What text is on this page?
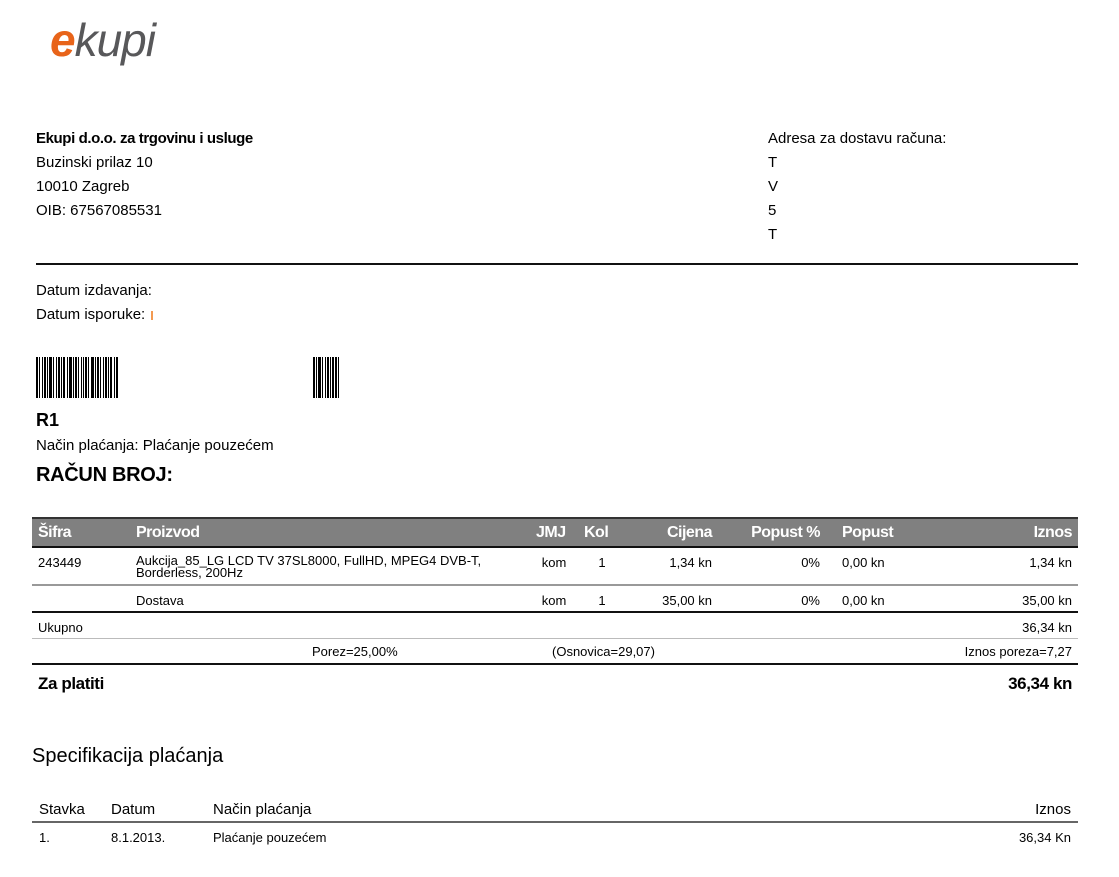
ekupi
Ekupi d.o.o. za trgovinu i usluge
Buzinski prilaz 10
10010 Zagreb
OIB: 67567085531
Adresa za dostavu računa:
T
V
5
T
Datum izdavanja:
Datum isporuke:
R1
Način plaćanja: Plaćanje pouzećem
RAČUN BROJ:
Šifra	Proizvod	JMJ	Kol	Cijena	Popust %	Popust	Iznos
243449	Aukcija_85_LG LCD TV 37SL8000, FullHD, MPEG4 DVB-T, Borderless, 200Hz	kom	1	1,34 kn	0%	0,00 kn	1,34 kn
	Dostava	kom	1	35,00 kn	0%	0,00 kn	35,00 kn
Ukupno							36,34 kn
Porez=25,00%		(Osnovica=29,07)				Iznos poreza=7,27	
Za platiti							36,34 kn
Specifikacija plaćanja
Stavka	Datum	Način plaćanja	Iznos
1.	8.1.2013.	Plaćanje pouzećem	36,34 Kn
